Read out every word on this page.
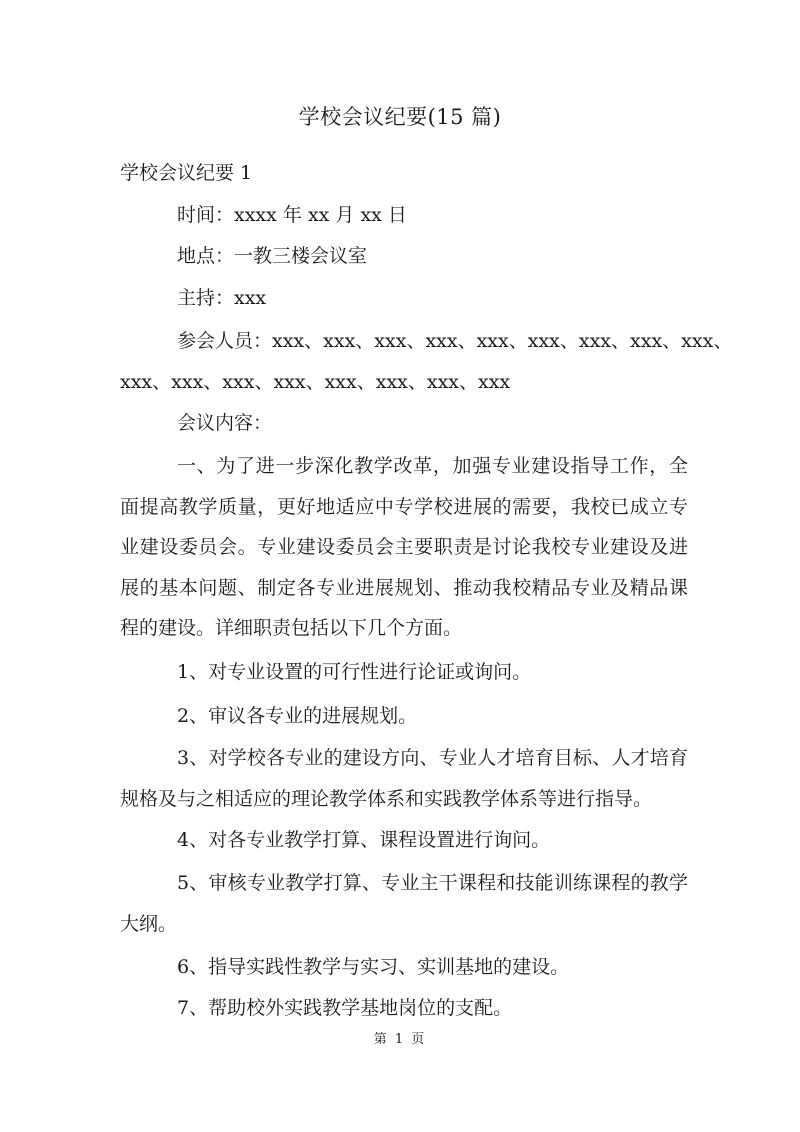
学校会议纪要(15 篇)
学校会议纪要 1
时间：xxxx 年 xx 月 xx 日
地点：一教三楼会议室
主持：xxx
参会人员：xxx、xxx、xxx、xxx、xxx、xxx、xxx、xxx、xxx、
xxx、xxx、xxx、xxx、xxx、xxx、xxx、xxx
会议内容：
一、为了进一步深化教学改革，加强专业建设指导工作，全面提高教学质量，更好地适应中专学校进展的需要，我校已成立专业建设委员会。专业建设委员会主要职责是讨论我校专业建设及进展的基本问题、制定各专业进展规划、推动我校精品专业及精品课程的建设。详细职责包括以下几个方面。
1、对专业设置的可行性进行论证或询问。
2、审议各专业的进展规划。
3、对学校各专业的建设方向、专业人才培育目标、人才培育规格及与之相适应的理论教学体系和实践教学体系等进行指导。
4、对各专业教学打算、课程设置进行询问。
5、审核专业教学打算、专业主干课程和技能训练课程的教学大纲。
6、指导实践性教学与实习、实训基地的建设。
7、帮助校外实践教学基地岗位的支配。
第 1 页
